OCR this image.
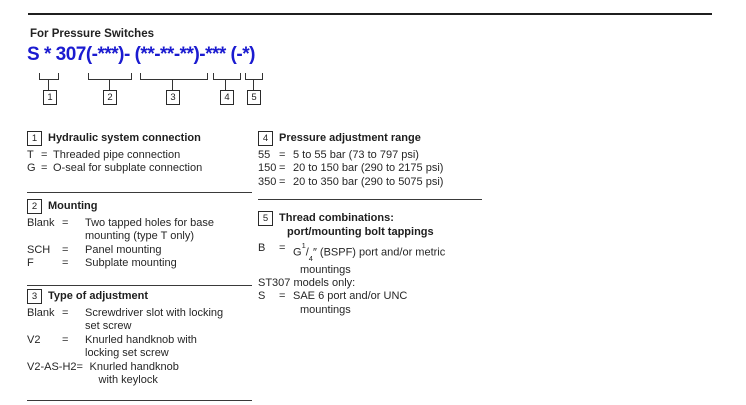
For Pressure Switches
S * 307(-***)- (**-**-**)-*** (-*)
1	2	3	4	5
1 Hydraulic system connection
T = Threaded pipe connection
G = O-seal for subplate connection
2 Mounting
Blank =	Two tapped holes for base
mounting (type T only)
SCH	=	Panel mounting
F	=	Subplate mounting
3 Type of adjustment
Blank =	Screwdriver slot with locking
set screw
V2	=	Knurled handknob with
locking set screw
V2-AS-H2 = Knurled handknob
with keylock
4 Pressure adjustment range
55 = 5 to 55 bar (73 to 797 psi)
150 = 20 to 150 bar (290 to 2175 psi)
350 = 20 to 350 bar (290 to 5075 psi)
5 Thread combinations:
port/mounting bolt tappings
B	= $G^1/_4''$ (BSPF) port and/or metric
mountings
ST307 models only:
S	= SAE 6 port and/or UNC
mountings
